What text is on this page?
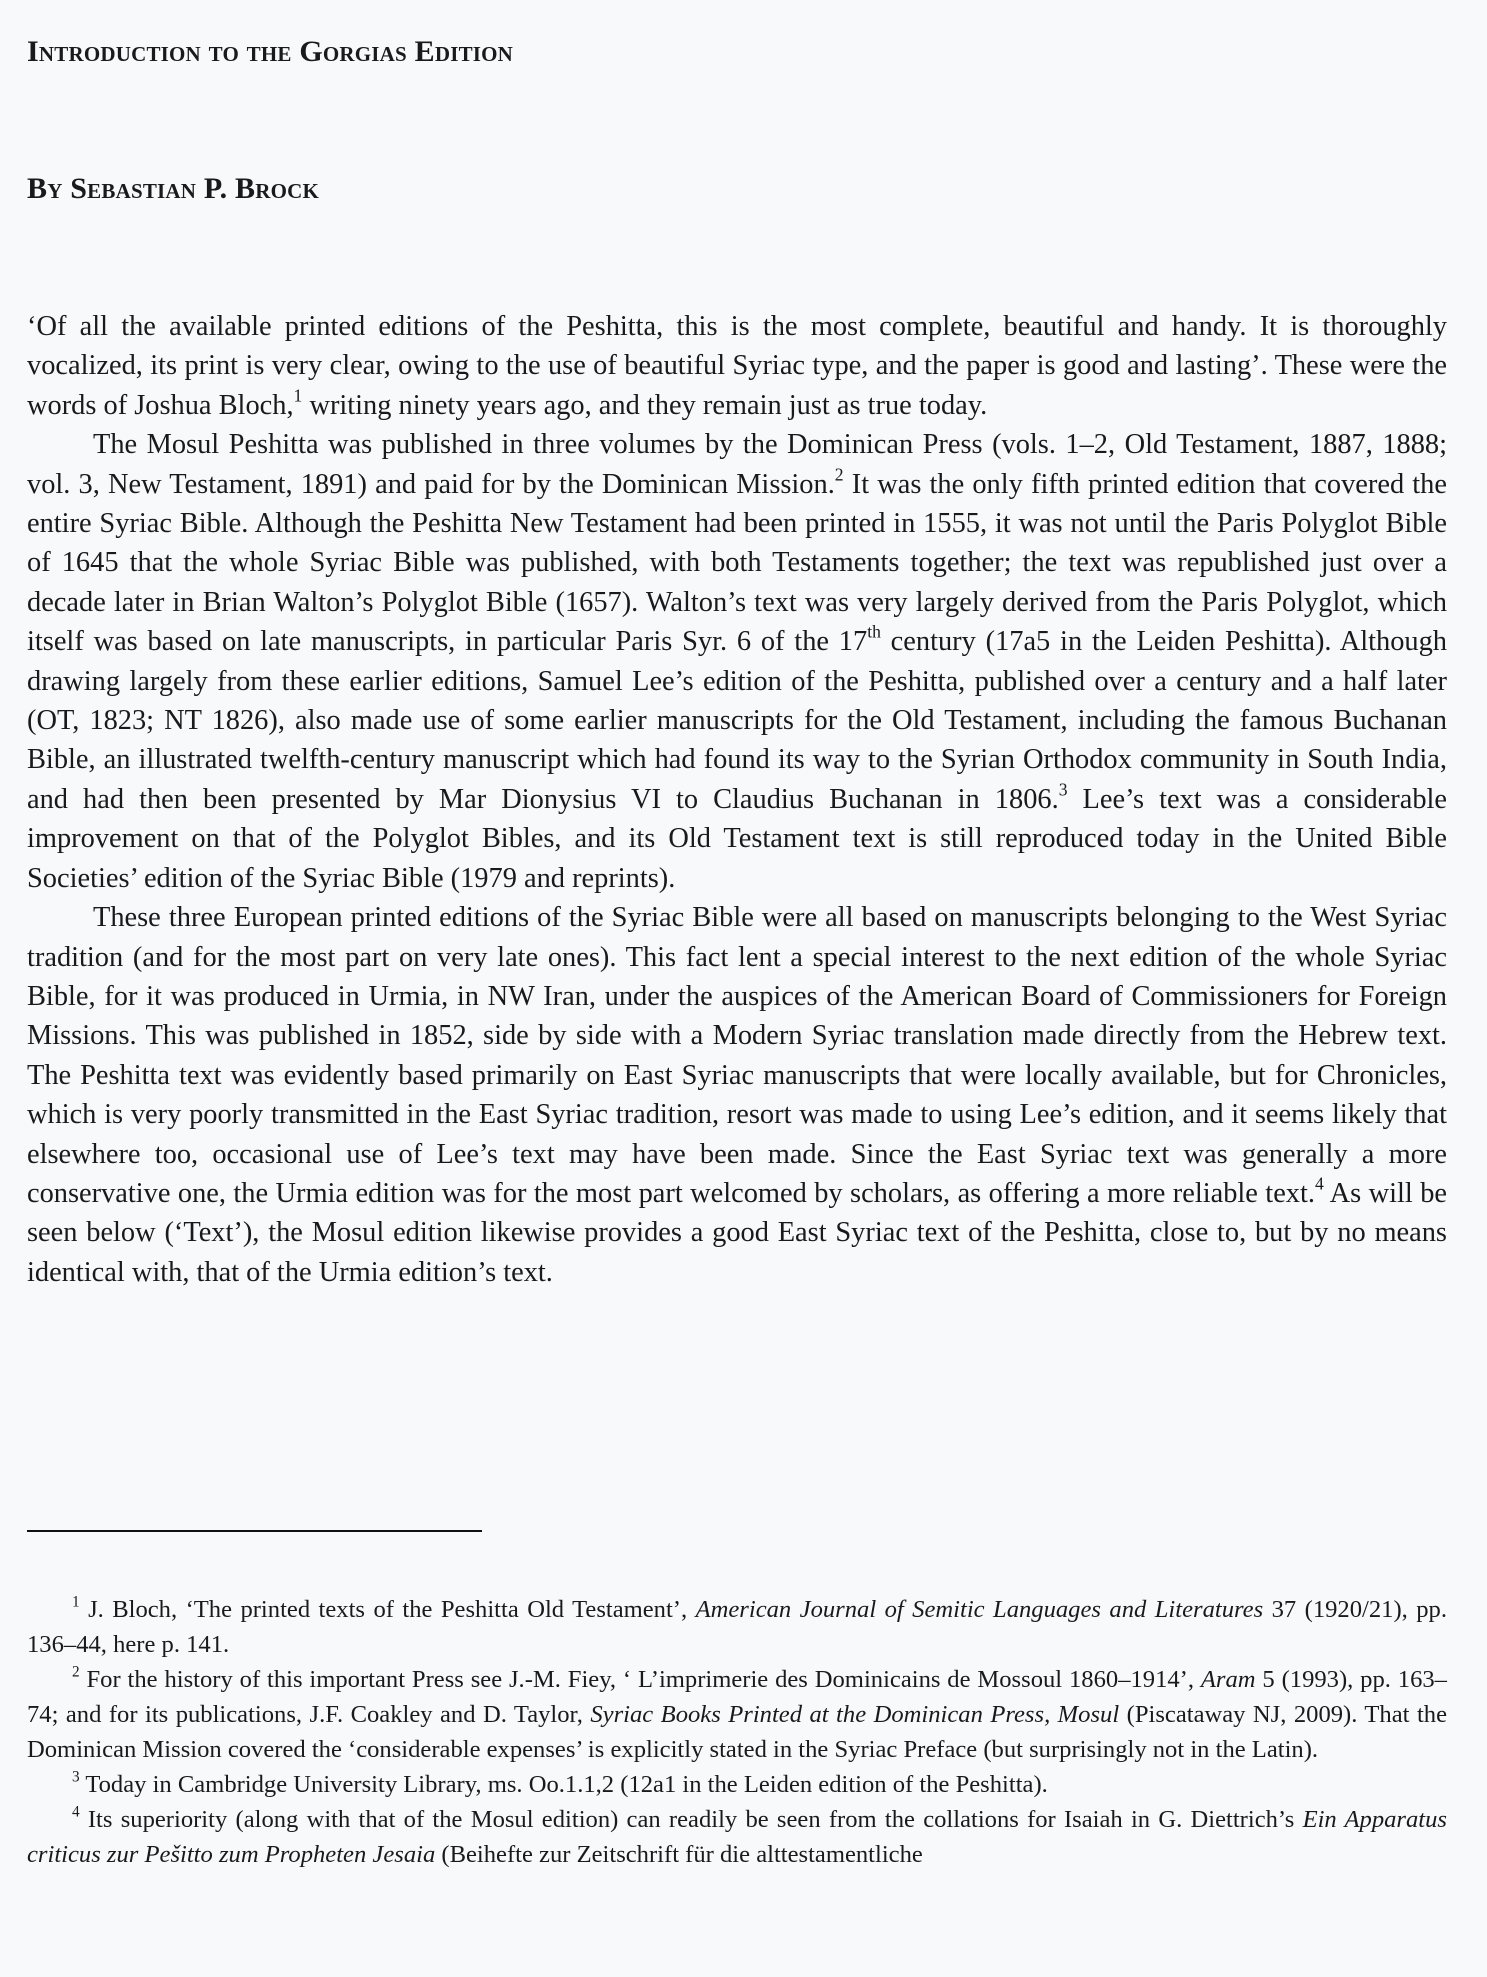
Introduction to the Gorgias Edition
By Sebastian P. Brock

‘Of all the available printed editions of the Peshitta, this is the most complete, beautiful and handy. It is thoroughly vocalized, its print is very clear, owing to the use of beautiful Syriac type, and the paper is good and lasting’. These were the words of Joshua Bloch,$^1$ writing ninety years ago, and they remain just as true today.

The Mosul Peshitta was published in three volumes by the Dominican Press (vols. 1–2, Old Testament, 1887, 1888; vol. 3, New Testament, 1891) and paid for by the Dominican Mission.$^2$ It was the only fifth printed edition that covered the entire Syriac Bible. Although the Peshitta New Testament had been printed in 1555, it was not until the Paris Polyglot Bible of 1645 that the whole Syriac Bible was published, with both Testaments together; the text was republished just over a decade later in Brian Walton’s Polyglot Bible (1657). Walton’s text was very largely derived from the Paris Polyglot, which itself was based on late manuscripts, in particular Paris Syr. 6 of the 17th century (17a5 in the Leiden Peshitta). Although drawing largely from these earlier editions, Samuel Lee’s edition of the Peshitta, published over a century and a half later (OT, 1823; NT 1826), also made use of some earlier manuscripts for the Old Testament, including the famous Buchanan Bible, an illustrated twelfth-century manuscript which had found its way to the Syrian Orthodox community in South India, and had then been presented by Mar Dionysius VI to Claudius Buchanan in 1806.$^3$ Lee’s text was a considerable improvement on that of the Polyglot Bibles, and its Old Testament text is still reproduced today in the United Bible Societies’ edition of the Syriac Bible (1979 and reprints).

These three European printed editions of the Syriac Bible were all based on manuscripts belonging to the West Syriac tradition (and for the most part on very late ones). This fact lent a special interest to the next edition of the whole Syriac Bible, for it was produced in Urmia, in NW Iran, under the auspices of the American Board of Commissioners for Foreign Missions. This was published in 1852, side by side with a Modern Syriac translation made directly from the Hebrew text. The Peshitta text was evidently based primarily on East Syriac manuscripts that were locally available, but for Chronicles, which is very poorly transmitted in the East Syriac tradition, resort was made to using Lee’s edition, and it seems likely that elsewhere too, occasional use of Lee’s text may have been made. Since the East Syriac text was generally a more conservative one, the Urmia edition was for the most part welcomed by scholars, as offering a more reliable text.$^4$ As will be seen below (‘Text’), the Mosul edition likewise provides a good East Syriac text of the Peshitta, close to, but by no means identical with, that of the Urmia edition’s text.

$^1$ J. Bloch, ‘The printed texts of the Peshitta Old Testament’, American Journal of Semitic Languages and Literatures 37 (1920/21), pp. 136–44, here p. 141.

$^2$ For the history of this important Press see J.-M. Fiey, ‘ L’imprimerie des Dominicains de Mossoul 1860–1914’, Aram 5 (1993), pp. 163–74; and for its publications, J.F. Coakley and D. Taylor, Syriac Books Printed at the Dominican Press, Mosul (Piscataway NJ, 2009). That the Dominican Mission covered the ‘considerable expenses’ is explicitly stated in the Syriac Preface (but surprisingly not in the Latin).

$^3$ Today in Cambridge University Library, ms. Oo.1.1,2 (12a1 in the Leiden edition of the Peshitta).

$^4$ Its superiority (along with that of the Mosul edition) can readily be seen from the collations for Isaiah in G. Diettrich’s Ein Apparatus criticus zur Pešitto zum Propheten Jesaia (Beihefte zur Zeitschrift für die alttestamentliche
